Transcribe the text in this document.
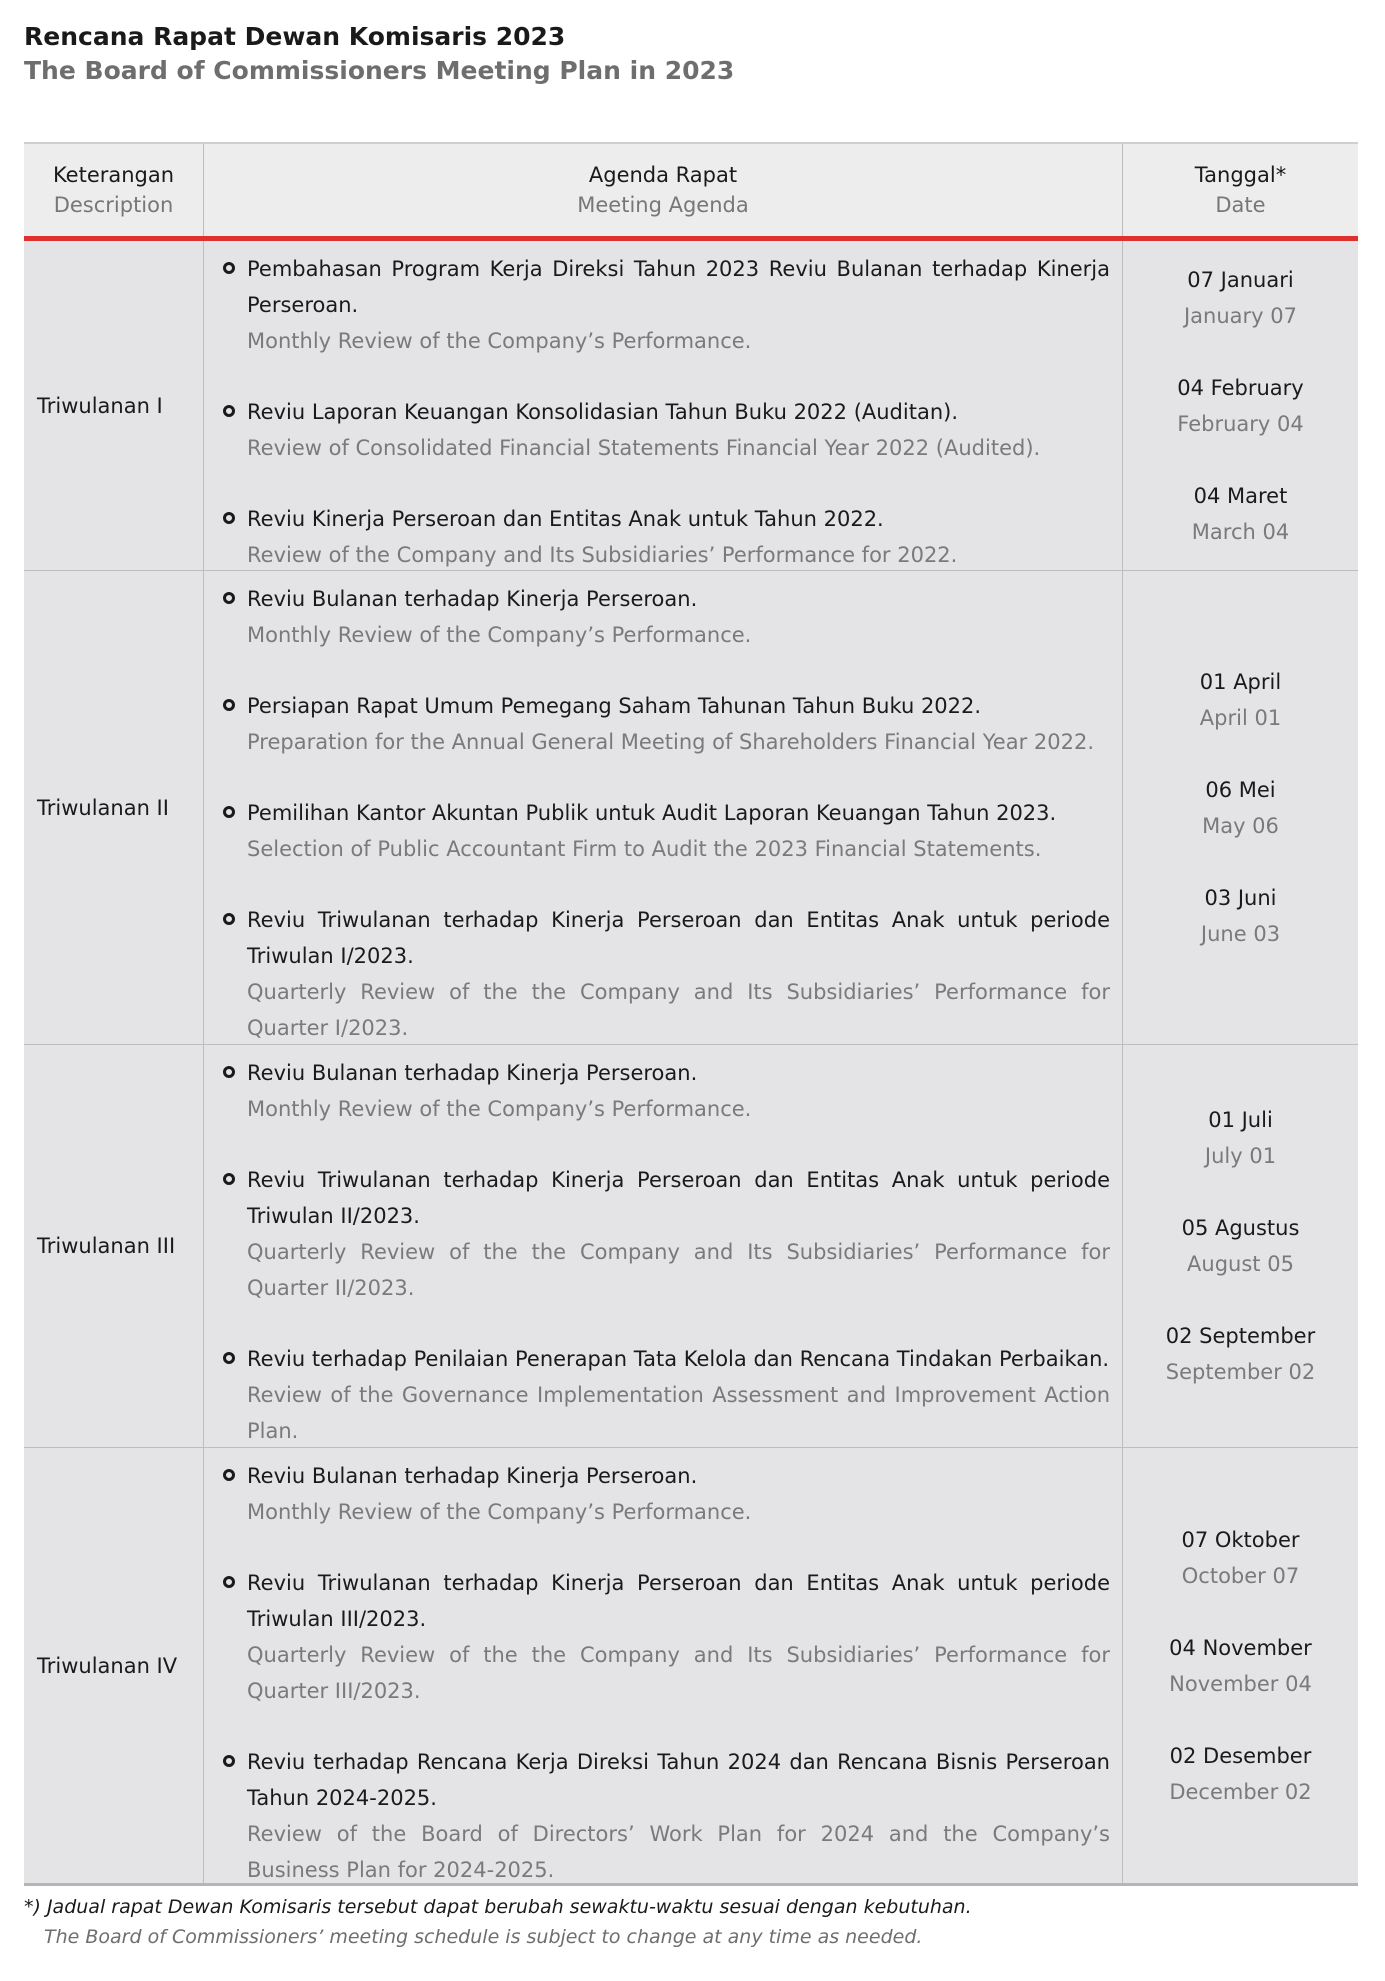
Rencana Rapat Dewan Komisaris 2023
The Board of Commissioners Meeting Plan in 2023
Keterangan
Description
Agenda Rapat
Meeting Agenda
Tanggal*
Date
Triwulanan I
Pembahasan Program Kerja Direksi Tahun 2023 Reviu Bulanan terhadap Kinerja Perseroan.
Monthly Review of the Company’s Performance.
Reviu Laporan Keuangan Konsolidasian Tahun Buku 2022 (Auditan).
Review of Consolidated Financial Statements Financial Year 2022 (Audited).
Reviu Kinerja Perseroan dan Entitas Anak untuk Tahun 2022.
Review of the Company and Its Subsidiaries’ Performance for 2022.
07 Januari
January 07
04 February
February 04
04 Maret
March 04
Triwulanan II
Reviu Bulanan terhadap Kinerja Perseroan.
Monthly Review of the Company’s Performance.
Persiapan Rapat Umum Pemegang Saham Tahunan Tahun Buku 2022.
Preparation for the Annual General Meeting of Shareholders Financial Year 2022.
Pemilihan Kantor Akuntan Publik untuk Audit Laporan Keuangan Tahun 2023.
Selection of Public Accountant Firm to Audit the 2023 Financial Statements.
Reviu Triwulanan terhadap Kinerja Perseroan dan Entitas Anak untuk periode Triwulan I/2023.
Quarterly Review of the the Company and Its Subsidiaries’ Performance for Quarter I/2023.
01 April
April 01
06 Mei
May 06
03 Juni
June 03
Triwulanan III
Reviu Bulanan terhadap Kinerja Perseroan.
Monthly Review of the Company’s Performance.
Reviu Triwulanan terhadap Kinerja Perseroan dan Entitas Anak untuk periode Triwulan II/2023.
Quarterly Review of the the Company and Its Subsidiaries’ Performance for Quarter II/2023.
Reviu terhadap Penilaian Penerapan Tata Kelola dan Rencana Tindakan Perbaikan.
Review of the Governance Implementation Assessment and Improvement Action Plan.
01 Juli
July 01
05 Agustus
August 05
02 September
September 02
Triwulanan IV
Reviu Bulanan terhadap Kinerja Perseroan.
Monthly Review of the Company’s Performance.
Reviu Triwulanan terhadap Kinerja Perseroan dan Entitas Anak untuk periode Triwulan III/2023.
Quarterly Review of the the Company and Its Subsidiaries’ Performance for Quarter III/2023.
Reviu terhadap Rencana Kerja Direksi Tahun 2024 dan Rencana Bisnis Perseroan Tahun 2024-2025.
Review of the Board of Directors’ Work Plan for 2024 and the Company’s Business Plan for 2024-2025.
07 Oktober
October 07
04 November
November 04
02 Desember
December 02
*) Jadual rapat Dewan Komisaris tersebut dapat berubah sewaktu-waktu sesuai dengan kebutuhan.
The Board of Commissioners’ meeting schedule is subject to change at any time as needed.
